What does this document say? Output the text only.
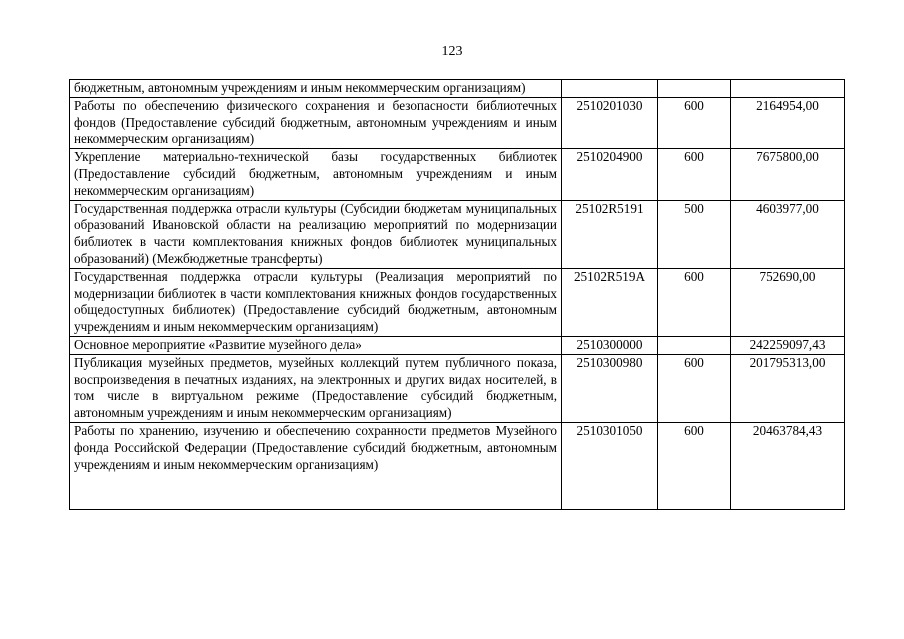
123
бюджетным, автономным учреждениям и иным некоммерческим организациям)			
Работы по обеспечению физического сохранения и безопасности библиотечных фондов (Предоставление субсидий бюджетным, автономным учреждениям и иным некоммерческим организациям)	2510201030	600	2164954,00
Укрепление материально-технической базы государственных библиотек (Предоставление субсидий бюджетным, автономным учреждениям и иным некоммерческим организациям)	2510204900	600	7675800,00
Государственная поддержка отрасли культуры (Субсидии бюджетам муниципальных образований Ивановской области на реализацию мероприятий по модернизации библиотек в части комплектования книжных фондов библиотек муниципальных образований) (Межбюджетные трансферты)	25102R5191	500	4603977,00
Государственная поддержка отрасли культуры (Реализация мероприятий по модернизации библиотек в части комплектования книжных фондов государственных общедоступных библиотек) (Предоставление субсидий бюджетным, автономным учреждениям и иным некоммерческим организациям)	25102R519A	600	752690,00
Основное мероприятие «Развитие музейного дела»	2510300000		242259097,43
Публикация музейных предметов, музейных коллекций путем публичного показа, воспроизведения в печатных изданиях, на электронных и других видах носителей, в том числе в виртуальном режиме (Предоставление субсидий бюджетным, автономным учреждениям и иным некоммерческим организациям)	2510300980	600	201795313,00
Работы по хранению, изучению и обеспечению сохранности предметов Музейного фонда Российской Федерации (Предоставление субсидий бюджетным, автономным учреждениям и иным некоммерческим организациям)	2510301050	600	20463784,43
